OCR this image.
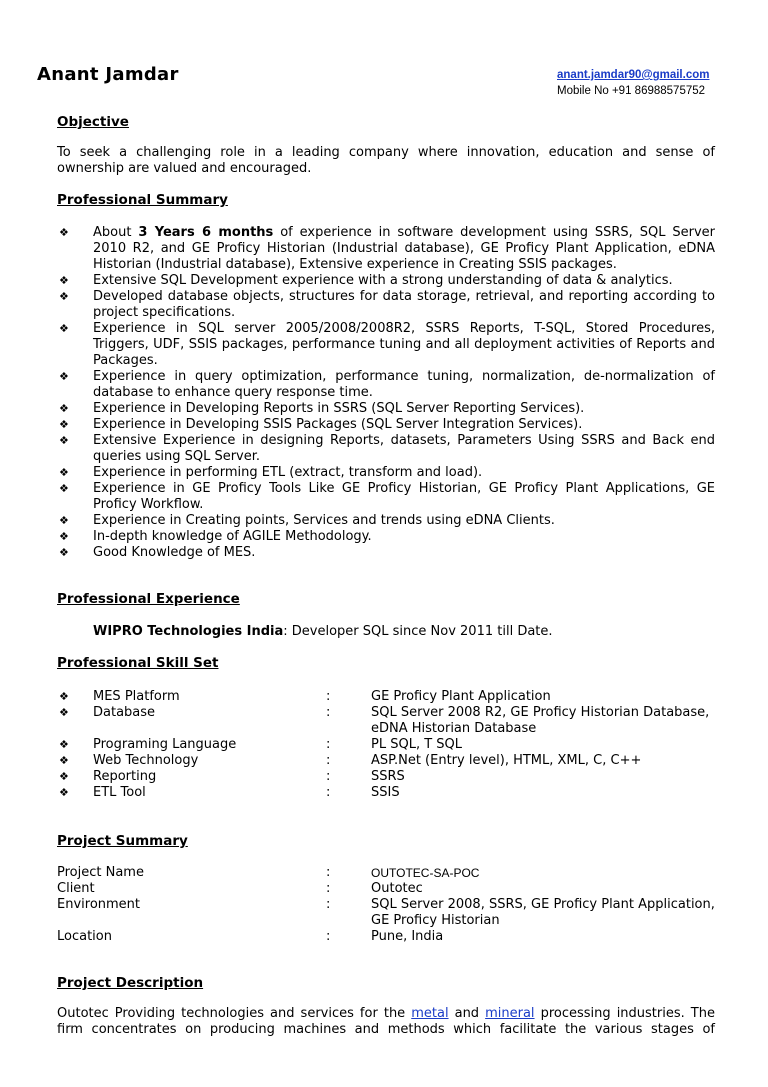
Anant Jamdar	anant.jamdar90@gmail.com
Mobile No +91 86988575752
Objective
To seek a challenging role in a leading company where innovation, education and sense of ownership are valued and encouraged.
Professional Summary
❖ About 3 Years 6 months of experience in software development using SSRS, SQL Server 2010 R2, and GE Proficy Historian (Industrial database), GE Proficy Plant Application, eDNA Historian (Industrial database), Extensive experience in Creating SSIS packages.
❖ Extensive SQL Development experience with a strong understanding of data & analytics.
❖ Developed database objects, structures for data storage, retrieval, and reporting according to project specifications.
❖ Experience in SQL server 2005/2008/2008R2, SSRS Reports, T-SQL, Stored Procedures, Triggers, UDF, SSIS packages, performance tuning and all deployment activities of Reports and Packages.
❖ Experience in query optimization, performance tuning, normalization, de-normalization of database to enhance query response time.
❖ Experience in Developing Reports in SSRS (SQL Server Reporting Services).
❖ Experience in Developing SSIS Packages (SQL Server Integration Services).
❖ Extensive Experience in designing Reports, datasets, Parameters Using SSRS and Back end queries using SQL Server.
❖ Experience in performing ETL (extract, transform and load).
❖ Experience in GE Proficy Tools Like GE Proficy Historian, GE Proficy Plant Applications, GE Proficy Workflow.
❖ Experience in Creating points, Services and trends using eDNA Clients.
❖ In-depth knowledge of AGILE Methodology.
❖ Good Knowledge of MES.
Professional Experience
WIPRO Technologies India: Developer SQL since Nov 2011 till Date.
Professional Skill Set
❖ MES Platform	:	GE Proficy Plant Application
❖ Database	:	SQL Server 2008 R2, GE Proficy Historian Database, eDNA Historian Database
❖ Programing Language	:	PL SQL, T SQL
❖ Web Technology	:	ASP.Net (Entry level), HTML, XML, C, C++
❖ Reporting	:	SSRS
❖ ETL Tool	:	SSIS
Project Summary
Project Name	:	OUTOTEC-SA-POC
Client	:	Outotec
Environment	:	SQL Server 2008, SSRS, GE Proficy Plant Application, GE Proficy Historian
Location	:	Pune, India
Project Description
Outotec Providing technologies and services for the metal and mineral processing industries. The firm concentrates on producing machines and methods which facilitate the various stages of
